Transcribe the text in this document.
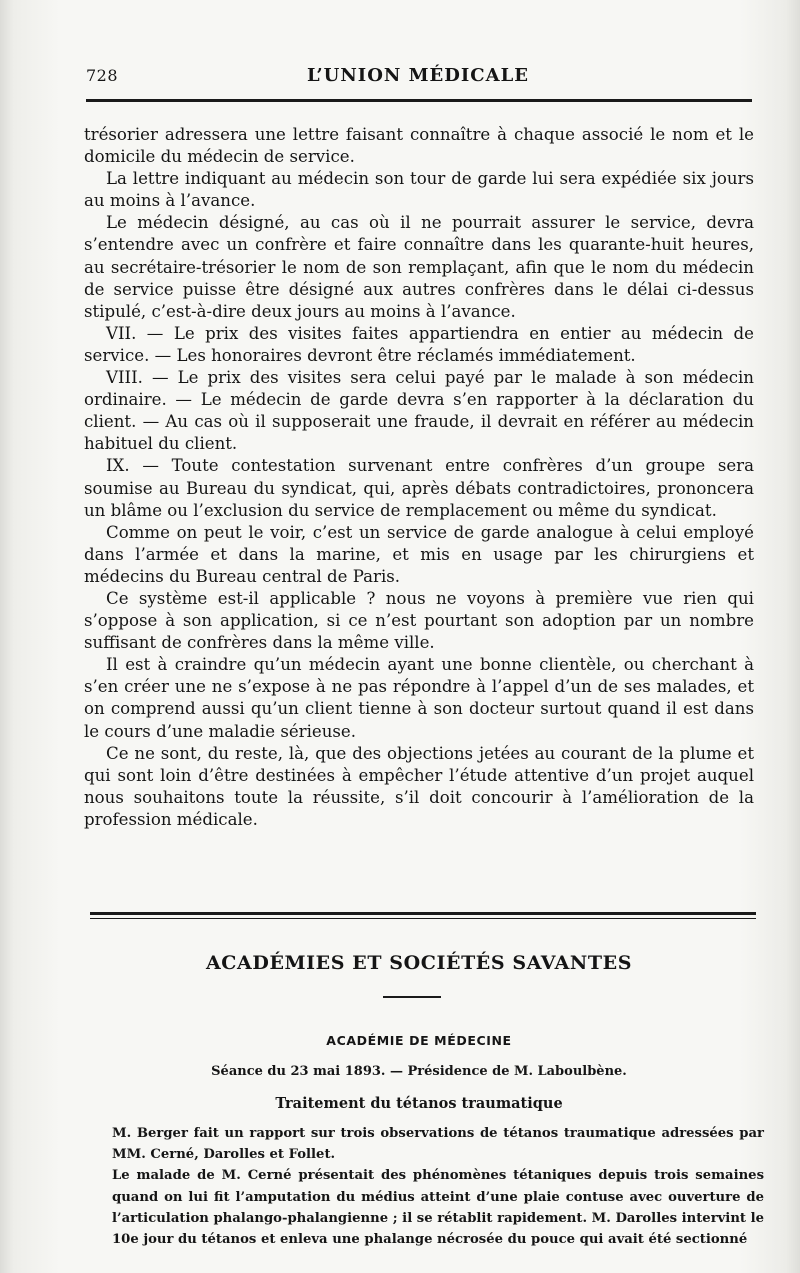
728	L’UNION MÉDICALE

trésorier adressera une lettre faisant connaître à chaque associé le nom et le domicile du médecin de service.

La lettre indiquant au médecin son tour de garde lui sera expédiée six jours au moins à l’avance.

Le médecin désigné, au cas où il ne pourrait assurer le service, devra s’entendre avec un confrère et faire connaître dans les quarante-huit heures, au secrétaire-trésorier le nom de son remplaçant, afin que le nom du médecin de service puisse être désigné aux autres confrères dans le délai ci-dessus stipulé, c’est-à-dire deux jours au moins à l’avance.

VII. — Le prix des visites faites appartiendra en entier au médecin de service. — Les honoraires devront être réclamés immédiatement.

VIII. — Le prix des visites sera celui payé par le malade à son médecin ordinaire. — Le médecin de garde devra s’en rapporter à la déclaration du client. — Au cas où il supposerait une fraude, il devrait en référer au médecin habituel du client.

IX. — Toute contestation survenant entre confrères d’un groupe sera soumise au Bureau du syndicat, qui, après débats contradictoires, prononcera un blâme ou l’exclusion du service de remplacement ou même du syndicat.

Comme on peut le voir, c’est un service de garde analogue à celui employé dans l’armée et dans la marine, et mis en usage par les chirurgiens et médecins du Bureau central de Paris.

Ce système est-il applicable ? nous ne voyons à première vue rien qui s’oppose à son application, si ce n’est pourtant son adoption par un nombre suffisant de confrères dans la même ville.

Il est à craindre qu’un médecin ayant une bonne clientèle, ou cherchant à s’en créer une ne s’expose à ne pas répondre à l’appel d’un de ses malades, et on comprend aussi qu’un client tienne à son docteur surtout quand il est dans le cours d’une maladie sérieuse.

Ce ne sont, du reste, là, que des objections jetées au courant de la plume et qui sont loin d’être destinées à empêcher l’étude attentive d’un projet auquel nous souhaitons toute la réussite, s’il doit concourir à l’amélioration de la profession médicale.

ACADÉMIES ET SOCIÉTÉS SAVANTES
ACADÉMIE DE MÉDECINE
Séance du 23 mai 1893. — Présidence de M. Laboulbène.
Traitement du tétanos traumatique

M. Berger fait un rapport sur trois observations de tétanos traumatique adressées par MM. Cerné, Darolles et Follet.

Le malade de M. Cerné présentait des phénomènes tétaniques depuis trois semaines quand on lui fit l’amputation du médius atteint d’une plaie contuse avec ouverture de l’articulation phalango-phalangienne ; il se rétablit rapidement. M. Darolles intervint le 10e jour du tétanos et enleva une phalange nécrosée du pouce qui avait été sectionné
